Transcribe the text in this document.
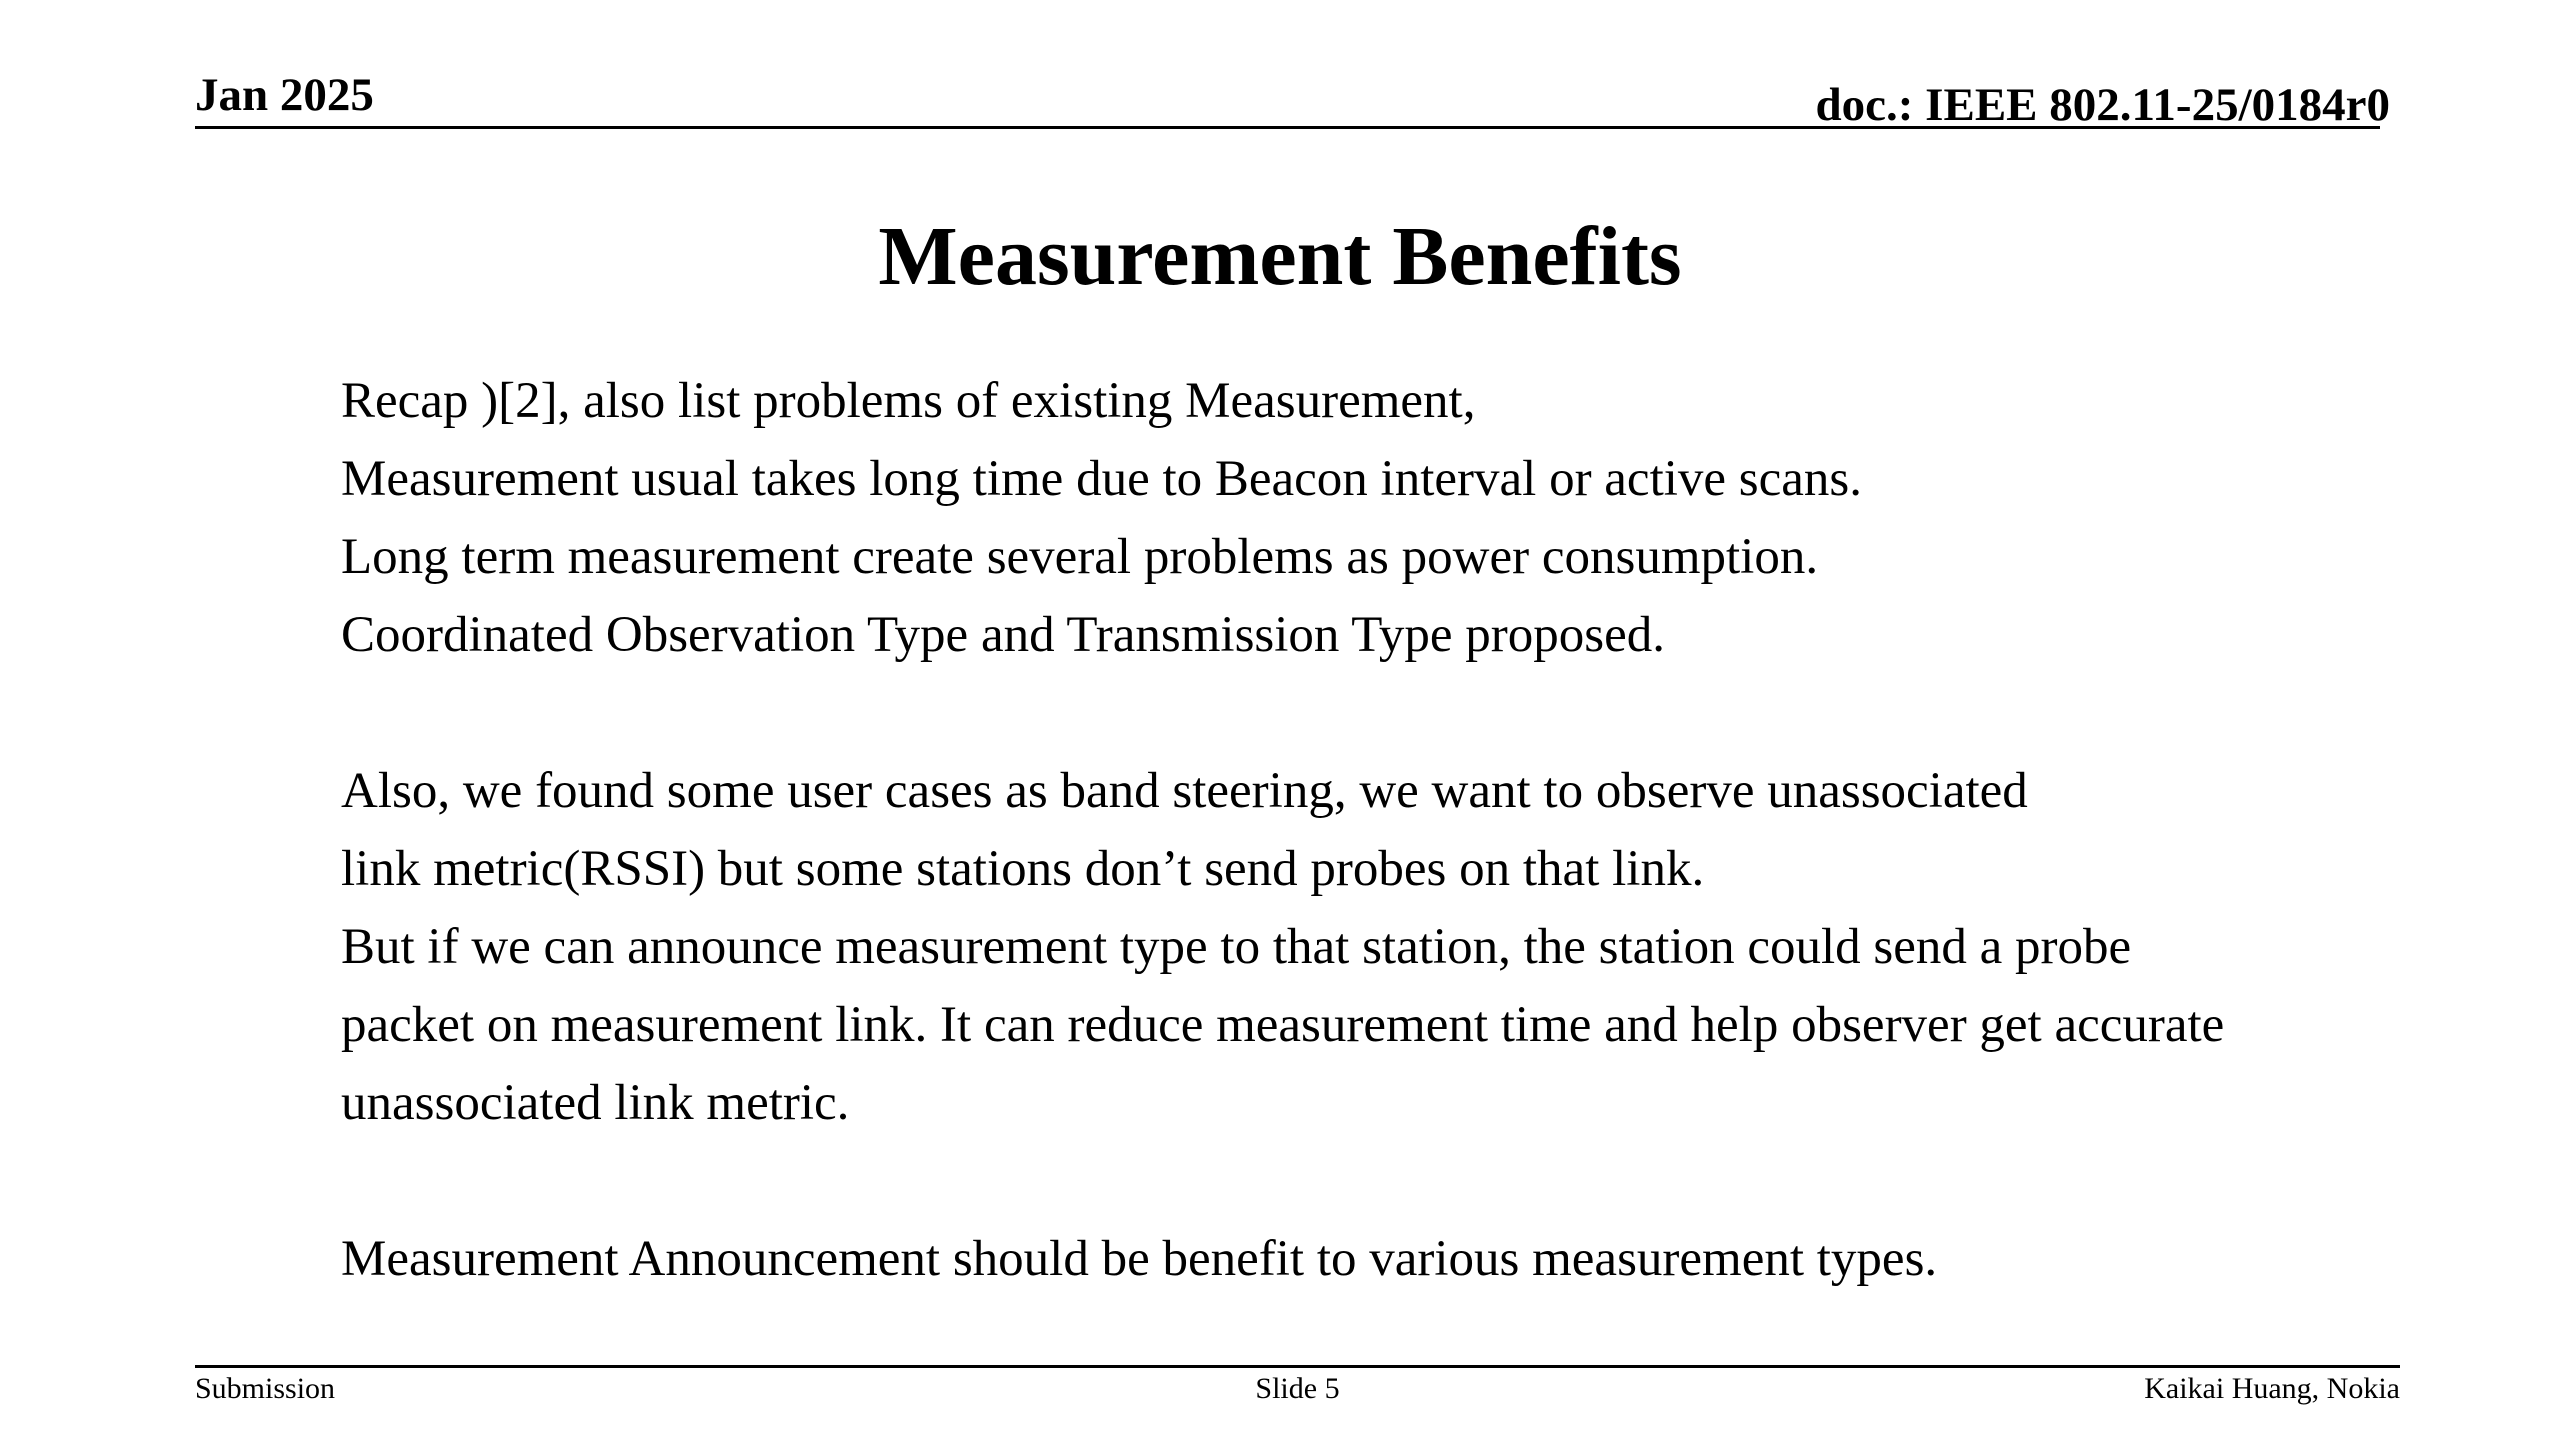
Jan 2025	doc.: IEEE 802.11-25/0184r0
Measurement Benefits
Recap )[2], also list problems of existing Measurement,
Measurement usual takes long time due to Beacon interval or active scans.
Long term measurement create several problems as power consumption.
Coordinated Observation Type and Transmission Type proposed.
Also, we found some user cases as band steering, we want to observe unassociated
link metric(RSSI) but some stations don’t send probes on that link.
But if we can announce measurement type to that station, the station could send a probe
packet on measurement link. It can reduce measurement time and help observer get accurate
unassociated link metric.
Measurement Announcement should be benefit to various measurement types.
Submission	Slide 5	Kaikai Huang, Nokia
